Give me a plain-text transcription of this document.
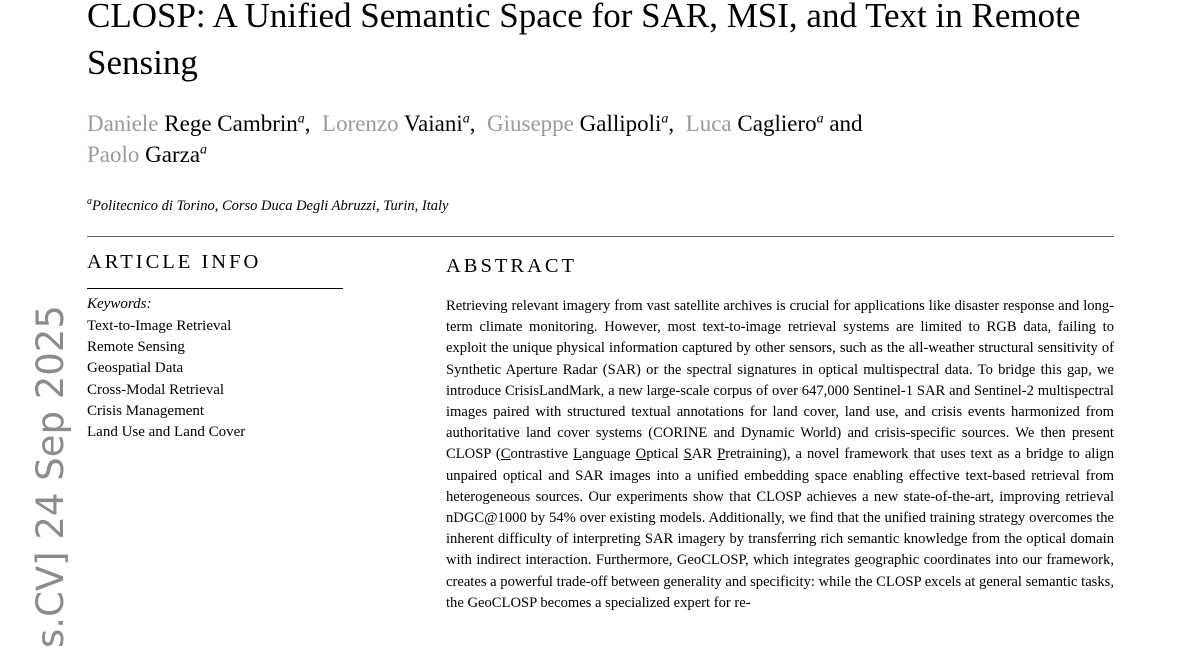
CLOSP: A Unified Semantic Space for SAR, MSI, and Text in Remote Sensing
Daniele Rege Cambrin$^a$,  Lorenzo Vaiani$^a$,  Giuseppe Gallipoli$^a$,  Luca Cagliero$^a$ and
Paolo Garza$^a$
$^a$Politecnico di Torino, Corso Duca Degli Abruzzi, Turin, Italy
ARTICLE INFO
Keywords:
Text-to-Image Retrieval
Remote Sensing
Geospatial Data
Cross-Modal Retrieval
Crisis Management
Land Use and Land Cover
ABSTRACT

Retrieving relevant imagery from vast satellite archives is crucial for applications like disaster response and long-term climate monitoring. However, most text-to-image retrieval systems are limited to RGB data, failing to exploit the unique physical information captured by other sensors, such as the all-weather structural sensitivity of Synthetic Aperture Radar (SAR) or the spectral signatures in optical multispectral data. To bridge this gap, we introduce CrisisLandMark, a new large-scale corpus of over 647,000 Sentinel-1 SAR and Sentinel-2 multispectral images paired with structured textual annotations for land cover, land use, and crisis events harmonized from authoritative land cover systems (CORINE and Dynamic World) and crisis-specific sources. We then present CLOSP (Contrastive Language Optical SAR Pretraining), a novel framework that uses text as a bridge to align unpaired optical and SAR images into a unified embedding space enabling effective text-based retrieval from heterogeneous sources. Our experiments show that CLOSP achieves a new state-of-the-art, improving retrieval nDGC@1000 by 54% over existing models. Additionally, we find that the unified training strategy overcomes the inherent difficulty of interpreting SAR imagery by transferring rich semantic knowledge from the optical domain with indirect interaction. Furthermore, GeoCLOSP, which integrates geographic coordinates into our framework, creates a powerful trade-off between generality and specificity: while the CLOSP excels at general semantic tasks, the GeoCLOSP becomes a specialized expert for re-

s.CV] 24 Sep 2025
